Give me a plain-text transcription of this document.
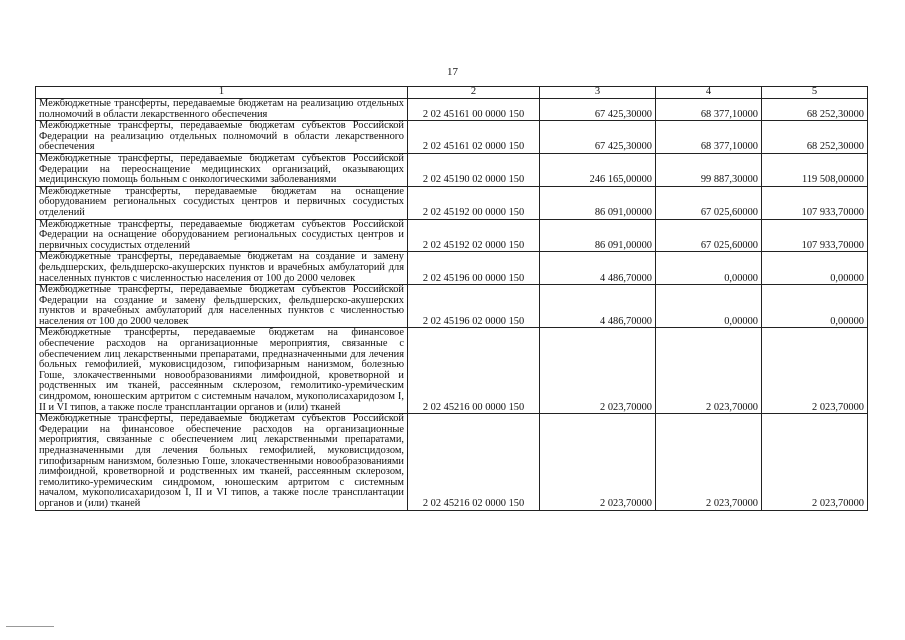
17
1	2	3	4	5
Межбюджетные трансферты, передаваемые бюджетам на реализацию отдельных полномочий в области лекарственного обеспечения	2 02 45161 00 0000 150	67 425,30000	68 377,10000	68 252,30000
Межбюджетные трансферты, передаваемые бюджетам субъектов Российской Федерации на реализацию отдельных полномочий в области лекарственного обеспечения	2 02 45161 02 0000 150	67 425,30000	68 377,10000	68 252,30000
Межбюджетные трансферты, передаваемые бюджетам субъектов Российской Федерации на переоснащение медицинских организаций, оказывающих медицинскую помощь больным с онкологическими заболеваниями	2 02 45190 02 0000 150	246 165,00000	99 887,30000	119 508,00000
Межбюджетные трансферты, передаваемые бюджетам на оснащение оборудованием региональных сосудистых центров и первичных сосудистых отделений	2 02 45192 00 0000 150	86 091,00000	67 025,60000	107 933,70000
Межбюджетные трансферты, передаваемые бюджетам субъектов Российской Федерации на оснащение оборудованием региональных сосудистых центров и первичных сосудистых отделений	2 02 45192 02 0000 150	86 091,00000	67 025,60000	107 933,70000
Межбюджетные трансферты, передаваемые бюджетам на создание и замену фельдшерских, фельдшерско-акушерских пунктов и врачебных амбулаторий для населенных пунктов с численностью населения от 100 до 2000 человек	2 02 45196 00 0000 150	4 486,70000	0,00000	0,00000
Межбюджетные трансферты, передаваемые бюджетам субъектов Российской Федерации на создание и замену фельдшерских, фельдшерско-акушерских пунктов и врачебных амбулаторий для населенных пунктов с численностью населения от 100 до 2000 человек	2 02 45196 02 0000 150	4 486,70000	0,00000	0,00000
Межбюджетные трансферты, передаваемые бюджетам на финансовое обеспечение расходов на организационные мероприятия, связанные с обеспечением лиц лекарственными препаратами, предназначенными для лечения больных гемофилией, муковисцидозом, гипофизарным нанизмом, болезнью Гоше, злокачественными новообразованиями лимфоидной, кроветворной и родственных им тканей, рассеянным склерозом, гемолитико-уремическим синдромом, юношеским артритом с системным началом, мукополисахаридозом I, II и VI типов, а также после трансплантации органов и (или) тканей	2 02 45216 00 0000 150	2 023,70000	2 023,70000	2 023,70000
Межбюджетные трансферты, передаваемые бюджетам субъектов Российской Федерации на финансовое обеспечение расходов на организационные мероприятия, связанные с обеспечением лиц лекарственными препаратами, предназначенными для лечения больных гемофилией, муковисцидозом, гипофизарным нанизмом, болезнью Гоше, злокачественными новообразованиями лимфоидной, кроветворной и родственных им тканей, рассеянным склерозом, гемолитико-уремическим синдромом, юношеским артритом с системным началом, мукополисахаридозом I, II и VI типов, а также после трансплантации органов и (или) тканей	2 02 45216 02 0000 150	2 023,70000	2 023,70000	2 023,70000
